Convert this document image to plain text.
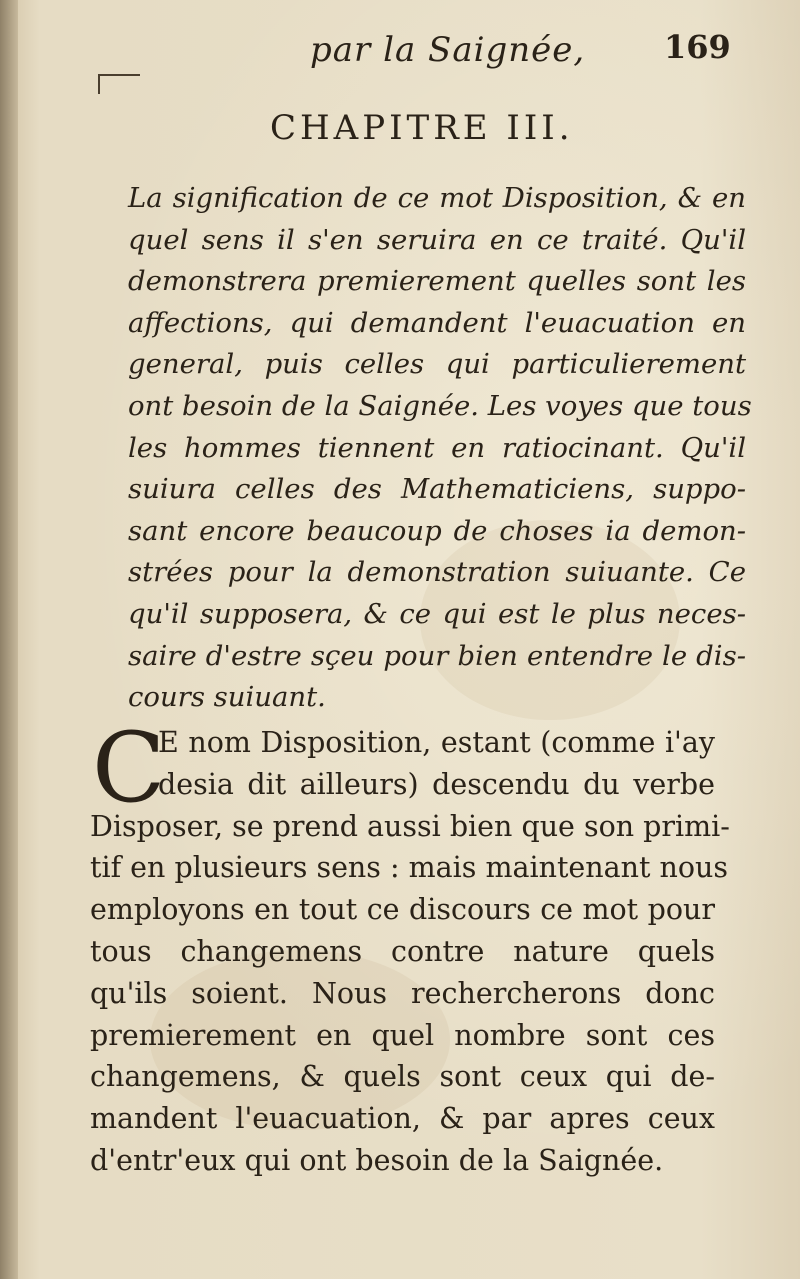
par la Saignée, 169
CHAPITRE III.
La signification de ce mot Disposition, & en
quel sens il s'en seruira en ce traité. Qu'il
demonstrera premierement quelles sont les
affections, qui demandent l'euacuation en
general, puis celles qui particulierement
ont besoin de la Saignée. Les voyes que tous
les hommes tiennent en ratiocinant. Qu'il
suiura celles des Mathematiciens, suppo-
sant encore beaucoup de choses ia demon-
strées pour la demonstration suiuante. Ce
qu'il supposera, & ce qui est le plus neces-
saire d'estre sçeu pour bien entendre le dis-
cours suiuant.
C
E nom Disposition, estant (comme i'ay
desia dit ailleurs) descendu du verbe
Disposer, se prend aussi bien que son primi-
tif en plusieurs sens : mais maintenant nous
employons en tout ce discours ce mot pour
tous changemens contre nature quels
qu'ils soient. Nous rechercherons donc
premierement en quel nombre sont ces
changemens, & quels sont ceux qui de-
mandent l'euacuation, & par apres ceux
d'entr'eux qui ont besoin de la Saignée.
